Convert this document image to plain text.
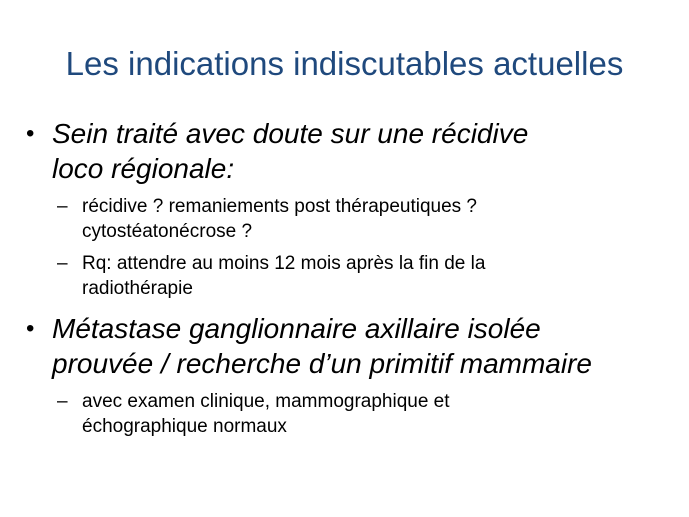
Les indications indiscutables actuelles
• Sein traité avec doute sur une récidive
loco régionale:
– récidive ? remaniements post thérapeutiques ?
cytostéatonécrose ?
– Rq: attendre au moins 12 mois après la fin de la
radiothérapie
• Métastase ganglionnaire axillaire isolée
prouvée / recherche d’un primitif mammaire
– avec examen clinique, mammographique et
échographique normaux
